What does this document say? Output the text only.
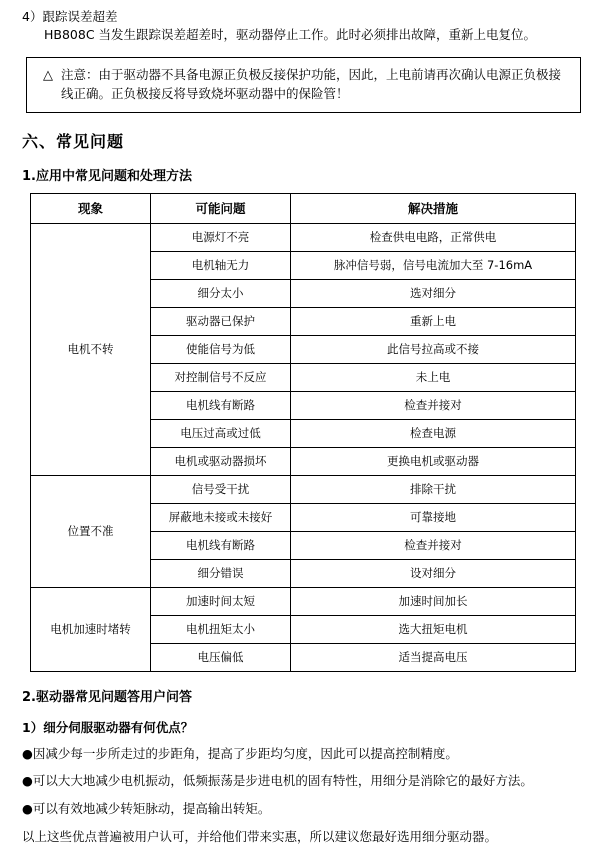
4）跟踪误差超差
HB808C 当发生跟踪误差超差时，驱动器停止工作。此时必须排出故障，重新上电复位。
△ 注意：由于驱动器不具备电源正负极反接保护功能，因此，上电前请再次确认电源正负极接线正确。正负极接反将导致烧坏驱动器中的保险管！
六、常见问题
1.应用中常见问题和处理方法
现象	可能问题	解决措施
电机不转	电源灯不亮	检查供电电路，正常供电
	电机轴无力	脉冲信号弱，信号电流加大至 7-16mA
	细分太小	选对细分
	驱动器已保护	重新上电
	使能信号为低	此信号拉高或不接
	对控制信号不反应	未上电
	电机线有断路	检查并接对
	电压过高或过低	检查电源
	电机或驱动器损坏	更换电机或驱动器
位置不准	信号受干扰	排除干扰
	屏蔽地未接或未接好	可靠接地
	电机线有断路	检查并接对
	细分错误	设对细分
电机加速时堵转	加速时间太短	加速时间加长
	电机扭矩太小	选大扭矩电机
	电压偏低	适当提高电压
2.驱动器常见问题答用户问答
1）细分伺服驱动器有何优点？
●因减少每一步所走过的步距角，提高了步距均匀度，因此可以提高控制精度。
●可以大大地减少电机振动，低频振荡是步进电机的固有特性，用细分是消除它的最好方法。
●可以有效地减少转矩脉动，提高输出转矩。
以上这些优点普遍被用户认可，并给他们带来实惠，所以建议您最好选用细分驱动器。
